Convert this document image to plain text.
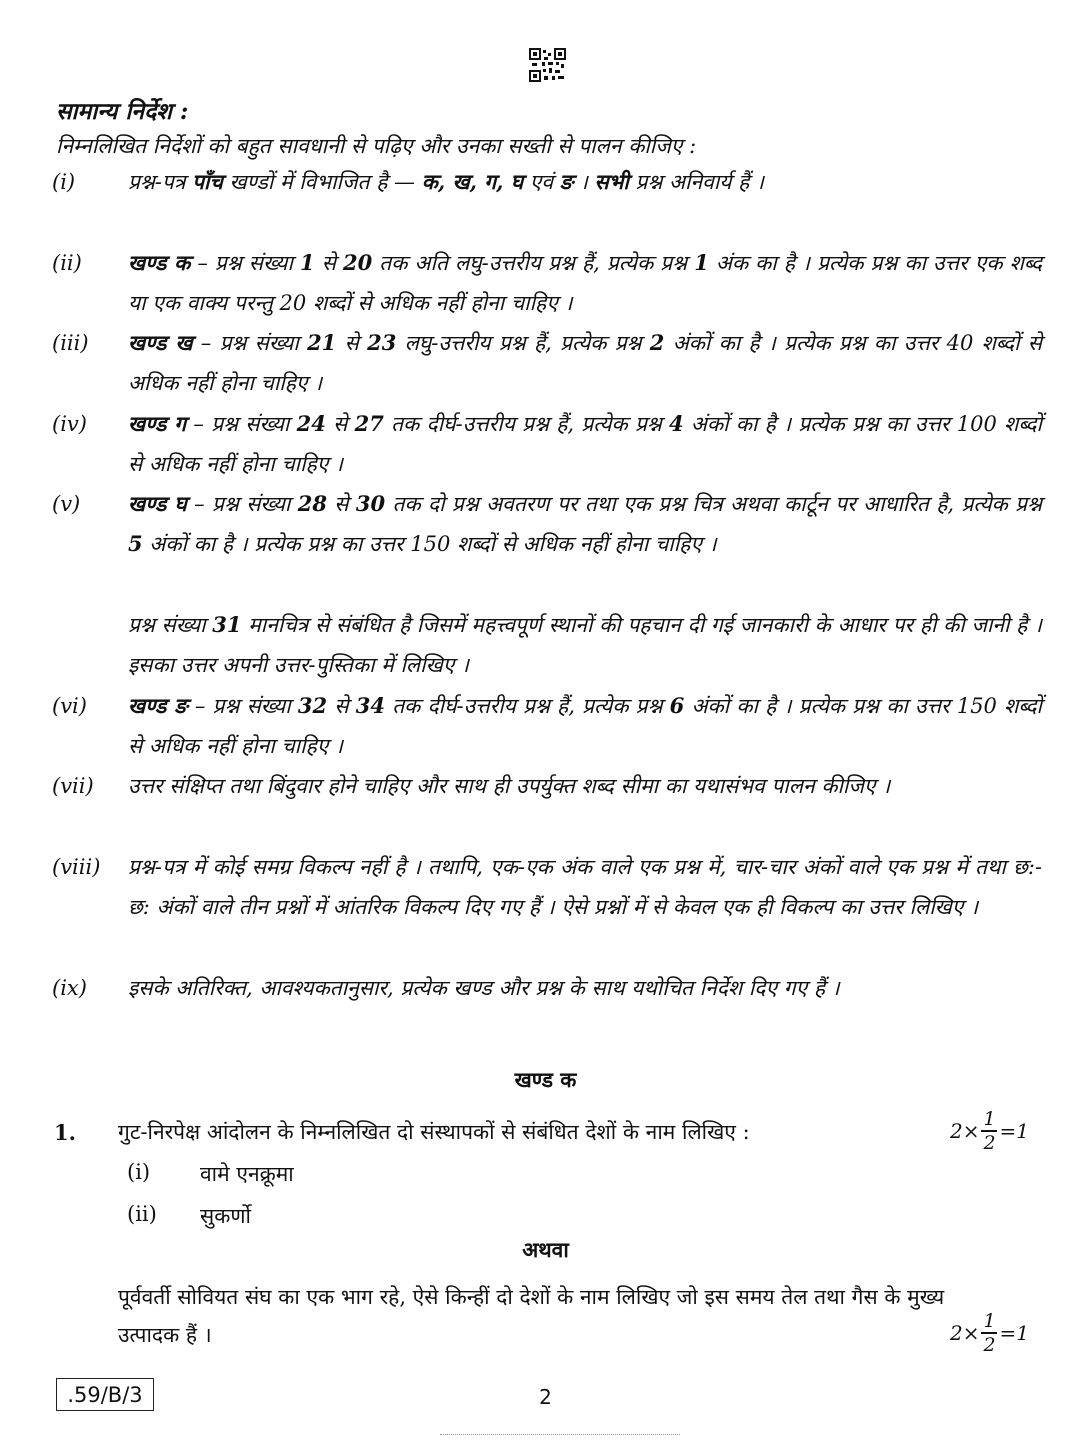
सामान्य निर्देश :
निम्नलिखित निर्देशों को बहुत सावधानी से पढ़िए और उनका सख्ती से पालन कीजिए :
(i)	प्रश्न-पत्र पाँच खण्डों में विभाजित है — क, ख, ग, घ एवं ङ । सभी प्रश्न अनिवार्य हैं ।
(ii) खण्ड क – प्रश्न संख्या 1 से 20 तक अति लघु-उत्तरीय प्रश्न हैं, प्रत्येक प्रश्न 1 अंक का है । प्रत्येक प्रश्न का उत्तर एक शब्द या एक वाक्य परन्तु 20 शब्दों से अधिक नहीं होना चाहिए ।
(iii) खण्ड ख – प्रश्न संख्या 21 से 23 लघु-उत्तरीय प्रश्न हैं, प्रत्येक प्रश्न 2 अंकों का है । प्रत्येक प्रश्न का उत्तर 40 शब्दों से अधिक नहीं होना चाहिए ।
(iv) खण्ड ग – प्रश्न संख्या 24 से 27 तक दीर्घ-उत्तरीय प्रश्न हैं, प्रत्येक प्रश्न 4 अंकों का है । प्रत्येक प्रश्न का उत्तर 100 शब्दों से अधिक नहीं होना चाहिए ।
(v) खण्ड घ – प्रश्न संख्या 28 से 30 तक दो प्रश्न अवतरण पर तथा एक प्रश्न चित्र अथवा कार्टून पर आधारित है, प्रत्येक प्रश्न 5 अंकों का है । प्रत्येक प्रश्न का उत्तर 150 शब्दों से अधिक नहीं होना चाहिए ।
प्रश्न संख्या 31 मानचित्र से संबंधित है जिसमें महत्त्वपूर्ण स्थानों की पहचान दी गई जानकारी के आधार पर ही की जानी है । इसका उत्तर अपनी उत्तर-पुस्तिका में लिखिए ।
(vi) खण्ड ङ – प्रश्न संख्या 32 से 34 तक दीर्घ-उत्तरीय प्रश्न हैं, प्रत्येक प्रश्न 6 अंकों का है । प्रत्येक प्रश्न का उत्तर 150 शब्दों से अधिक नहीं होना चाहिए ।
(vii) उत्तर संक्षिप्त तथा बिंदुवार होने चाहिए और साथ ही उपर्युक्त शब्द सीमा का यथासंभव पालन कीजिए ।
(viii) प्रश्न-पत्र में कोई समग्र विकल्प नहीं है । तथापि, एक-एक अंक वाले एक प्रश्न में, चार-चार अंकों वाले एक प्रश्न में तथा छ:-छ: अंकों वाले तीन प्रश्नों में आंतरिक विकल्प दिए गए हैं । ऐसे प्रश्नों में से केवल एक ही विकल्प का उत्तर लिखिए ।
(ix) इसके अतिरिक्त, आवश्यकतानुसार, प्रत्येक खण्ड और प्रश्न के साथ यथोचित निर्देश दिए गए हैं ।
खण्ड क
1. गुट-निरपेक्ष आंदोलन के निम्नलिखित दो संस्थापकों से संबंधित देशों के नाम लिखिए :	$2\times \frac{1}{2} =1$
(i) वामे एनक्रूमा
(ii) सुकर्णो
अथवा
पूर्ववर्ती सोवियत संघ का एक भाग रहे, ऐसे किन्हीं दो देशों के नाम लिखिए जो इस समय तेल तथा गैस के मुख्य उत्पादक हैं ।	$2\times \frac{1}{2} =1$
.59/B/3	2
